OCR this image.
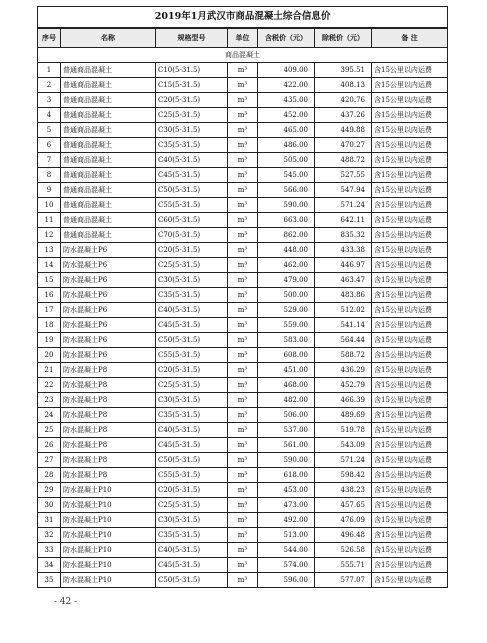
2019年1月武汉市商品混凝土综合信息价						
序号	名称	规格型号	单位	含税价（元）	除税价（元）	备 注
商品混凝土						
1	普通商品混凝土	C10(5-31.5)	m³	409.00	395.51	含15公里以内运费
2	普通商品混凝土	C15(5-31.5)	m³	422.00	408.13	含15公里以内运费
3	普通商品混凝土	C20(5-31.5)	m³	435.00	420.76	含15公里以内运费
4	普通商品混凝土	C25(5-31.5)	m³	452.00	437.26	含15公里以内运费
5	普通商品混凝土	C30(5-31.5)	m³	465.00	449.88	含15公里以内运费
6	普通商品混凝土	C35(5-31.5)	m³	486.00	470.27	含15公里以内运费
7	普通商品混凝土	C40(5-31.5)	m³	505.00	488.72	含15公里以内运费
8	普通商品混凝土	C45(5-31.5)	m³	545.00	527.55	含15公里以内运费
9	普通商品混凝土	C50(5-31.5)	m³	566.00	547.94	含15公里以内运费
10	普通商品混凝土	C55(5-31.5)	m³	590.00	571.24	含15公里以内运费
11	普通商品混凝土	C60(5-31.5)	m³	663.00	642.11	含15公里以内运费
12	普通商品混凝土	C70(5-31.5)	m³	862.00	835.32	含15公里以内运费
13	防水混凝土P6	C20(5-31.5)	m³	448.00	433.38	含15公里以内运费
14	防水混凝土P6	C25(5-31.5)	m³	462.00	446.97	含15公里以内运费
15	防水混凝土P6	C30(5-31.5)	m³	479.00	463.47	含15公里以内运费
16	防水混凝土P6	C35(5-31.5)	m³	500.00	483.86	含15公里以内运费
17	防水混凝土P6	C40(5-31.5)	m³	529.00	512.02	含15公里以内运费
18	防水混凝土P6	C45(5-31.5)	m³	559.00	541.14	含15公里以内运费
19	防水混凝土P6	C50(5-31.5)	m³	583.00	564.44	含15公里以内运费
20	防水混凝土P6	C55(5-31.5)	m³	608.00	588.72	含15公里以内运费
21	防水混凝土P8	C20(5-31.5)	m³	451.00	436.29	含15公里以内运费
22	防水混凝土P8	C25(5-31.5)	m³	468.00	452.79	含15公里以内运费
23	防水混凝土P8	C30(5-31.5)	m³	482.00	466.39	含15公里以内运费
24	防水混凝土P8	C35(5-31.5)	m³	506.00	489.69	含15公里以内运费
25	防水混凝土P8	C40(5-31.5)	m³	537.00	519.78	含15公里以内运费
26	防水混凝土P8	C45(5-31.5)	m³	561.00	543.09	含15公里以内运费
27	防水混凝土P8	C50(5-31.5)	m³	590.00	571.24	含15公里以内运费
28	防水混凝土P8	C55(5-31.5)	m³	618.00	598.42	含15公里以内运费
29	防水混凝土P10	C20(5-31.5)	m³	453.00	438.23	含15公里以内运费
30	防水混凝土P10	C25(5-31.5)	m³	473.00	457.65	含15公里以内运费
31	防水混凝土P10	C30(5-31.5)	m³	492.00	476.09	含15公里以内运费
32	防水混凝土P10	C35(5-31.5)	m³	513.00	496.48	含15公里以内运费
33	防水混凝土P10	C40(5-31.5)	m³	544.00	526.58	含15公里以内运费
34	防水混凝土P10	C45(5-31.5)	m³	574.00	555.71	含15公里以内运费
35	防水混凝土P10	C50(5-31.5)	m³	596.00	577.07	含15公里以内运费
- 42 -
